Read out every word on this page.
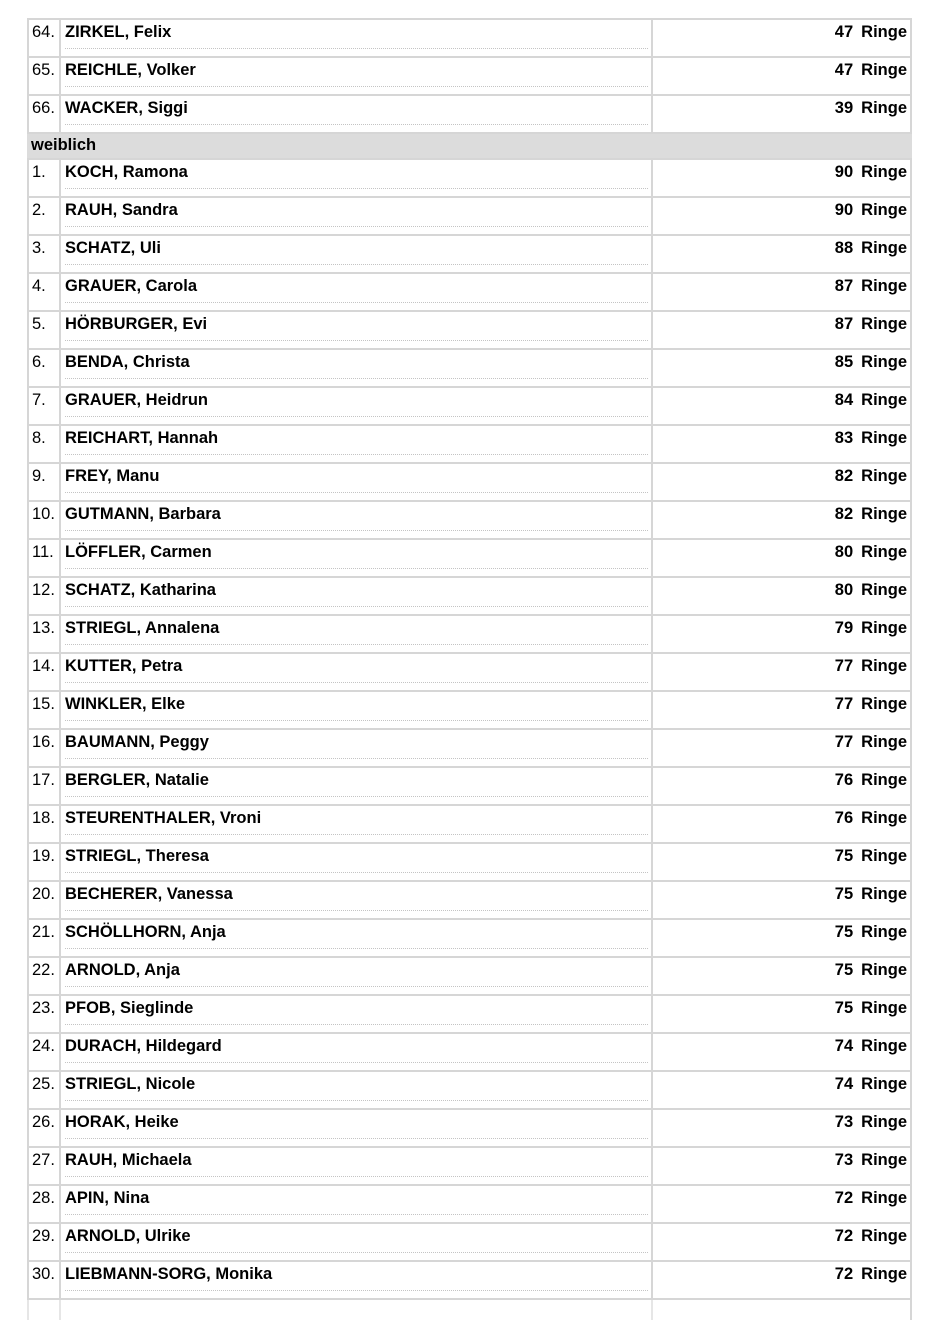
64. ZIRKEL, Felix	47 Ringe
65. REICHLE, Volker	47 Ringe
66. WACKER, Siggi	39 Ringe
weiblich
1. KOCH, Ramona	90 Ringe
2. RAUH, Sandra	90 Ringe
3. SCHATZ, Uli	88 Ringe
4. GRAUER, Carola	87 Ringe
5. HÖRBURGER, Evi	87 Ringe
6. BENDA, Christa	85 Ringe
7. GRAUER, Heidrun	84 Ringe
8. REICHART, Hannah	83 Ringe
9. FREY, Manu	82 Ringe
10. GUTMANN, Barbara	82 Ringe
11. LÖFFLER, Carmen	80 Ringe
12. SCHATZ, Katharina	80 Ringe
13. STRIEGL, Annalena	79 Ringe
14. KUTTER, Petra	77 Ringe
15. WINKLER, Elke	77 Ringe
16. BAUMANN, Peggy	77 Ringe
17. BERGLER, Natalie	76 Ringe
18. STEURENTHALER, Vroni	76 Ringe
19. STRIEGL, Theresa	75 Ringe
20. BECHERER, Vanessa	75 Ringe
21. SCHÖLLHORN, Anja	75 Ringe
22. ARNOLD, Anja	75 Ringe
23. PFOB, Sieglinde	75 Ringe
24. DURACH, Hildegard	74 Ringe
25. STRIEGL, Nicole	74 Ringe
26. HORAK, Heike	73 Ringe
27. RAUH, Michaela	73 Ringe
28. APIN, Nina	72 Ringe
29. ARNOLD, Ulrike	72 Ringe
30. LIEBMANN-SORG, Monika	72 Ringe
